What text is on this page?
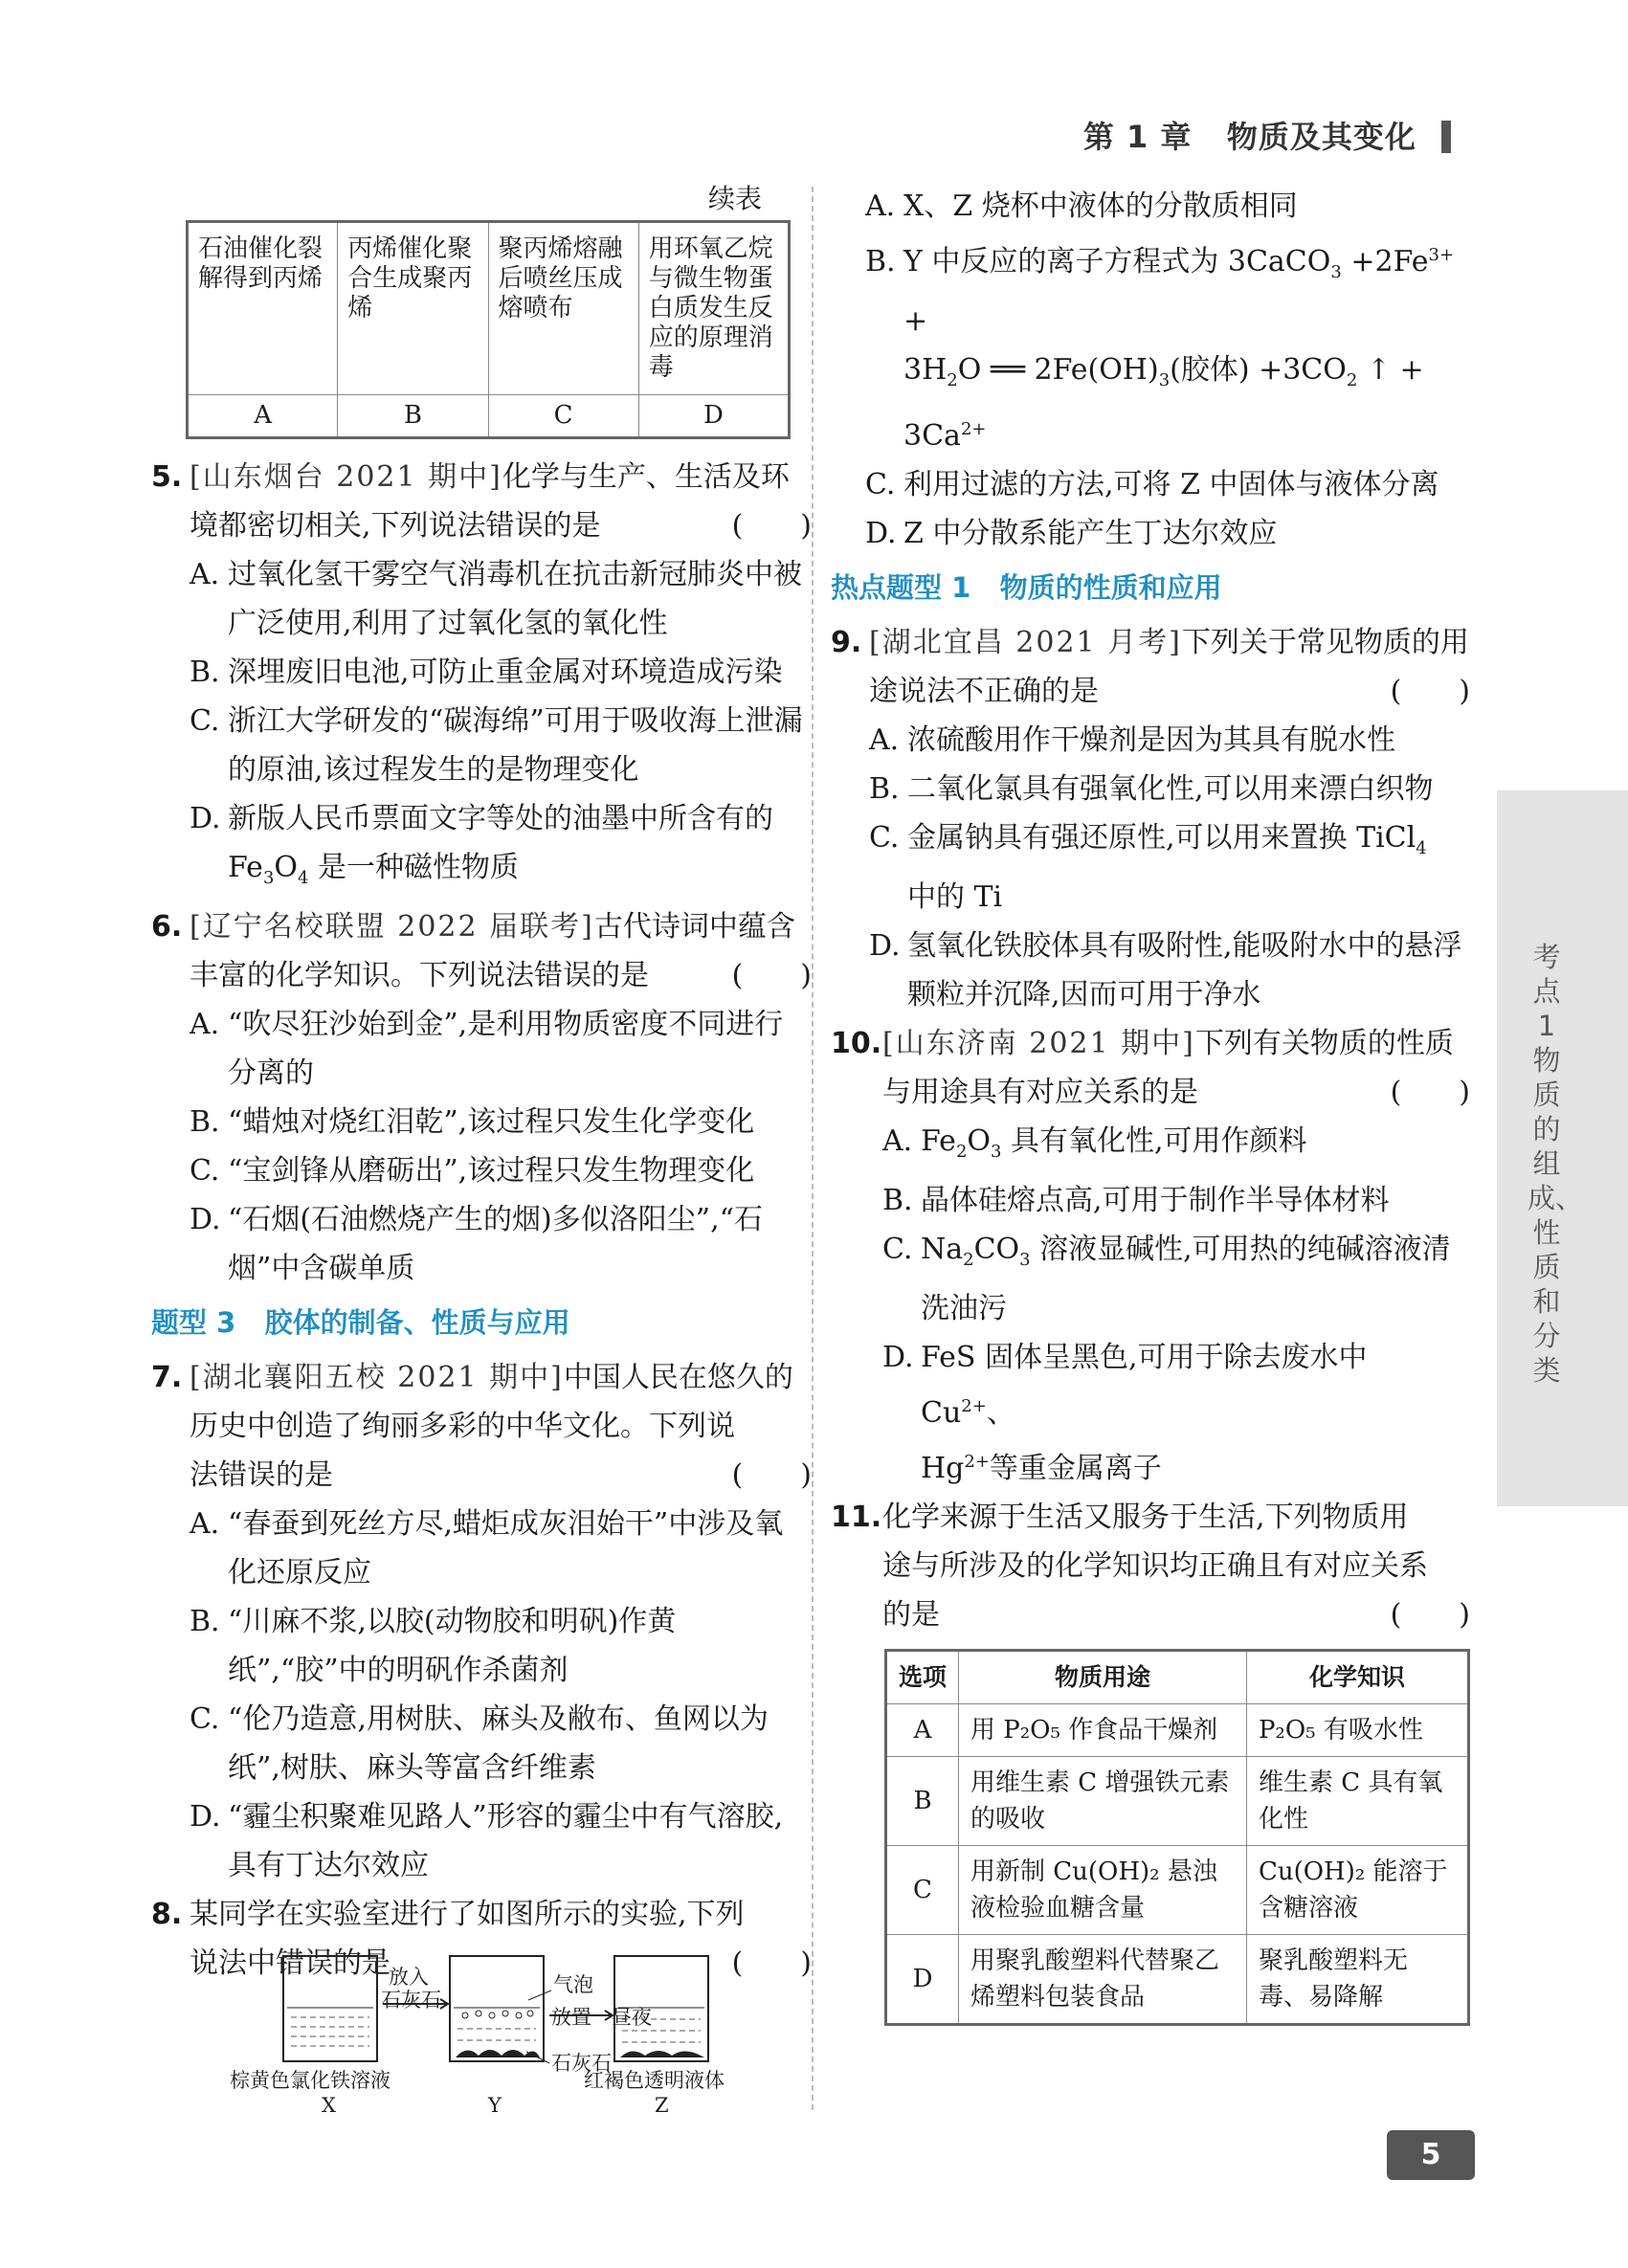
第 1 章 物质及其变化
续表
石油催化裂解得到丙烯	丙烯催化聚合生成聚丙烯	聚丙烯熔融后喷丝压成熔喷布	用环氧乙烷与微生物蛋白质发生反应的原理消毒
A	B	C	D
5. [山东烟台 2021 期中]化学与生产、生活及环
境都密切相关,下列说法错误的是	(　　)
A. 过氧化氢干雾空气消毒机在抗击新冠肺炎中被广泛使用,利用了过氧化氢的氧化性
B. 深埋废旧电池,可防止重金属对环境造成污染
C. 浙江大学研发的“碳海绵”可用于吸收海上泄漏的原油,该过程发生的是物理变化
D. 新版人民币票面文字等处的油墨中所含有的 $Fe_3O_4$ 是一种磁性物质
6. [辽宁名校联盟 2022 届联考]古代诗词中蕴含
丰富的化学知识。下列说法错误的是	(　　)
A. “吹尽狂沙始到金”,是利用物质密度不同进行分离的
B. “蜡烛对烧红泪乾”,该过程只发生化学变化
C. “宝剑锋从磨砺出”,该过程只发生物理变化
D. “石烟(石油燃烧产生的烟)多似洛阳尘”,“石烟”中含碳单质
题型 3 胶体的制备、性质与应用
7. [湖北襄阳五校 2021 期中]中国人民在悠久的
历史中创造了绚丽多彩的中华文化。下列说
法错误的是	(　　)
A. “春蚕到死丝方尽,蜡炬成灰泪始干”中涉及氧化还原反应
B. “川麻不浆,以胶(动物胶和明矾)作黄纸”,“胶”中的明矾作杀菌剂
C. “伦乃造意,用树肤、麻头及敝布、鱼网以为纸”,树肤、麻头等富含纤维素
D. “霾尘积聚难见路人”形容的霾尘中有气溶胶,具有丁达尔效应
8. 某同学在实验室进行了如图所示的实验,下列
说法中错误的是	(　　)
放入
石灰石
气泡
放置一昼夜
石灰石
棕黄色氯化铁溶液	红褐色透明液体
X	Y	Z
A. X、Z 烧杯中液体的分散质相同
B. Y 中反应的离子方程式为 3CaCO$_3$ $+2Fe^{3+}$ +
$3H_2O$ ══ $2Fe(OH)_3$(胶体) $+3CO_2$ ↑ +
$3Ca^{2+}$
C. 利用过滤的方法,可将 Z 中固体与液体分离
D. Z 中分散系能产生丁达尔效应
热点题型 1 物质的性质和应用
9. [湖北宜昌 2021 月考]下列关于常见物质的用
途说法不正确的是	(　　)
A. 浓硫酸用作干燥剂是因为其具有脱水性
B. 二氧化氯具有强氧化性,可以用来漂白织物
C. 金属钠具有强还原性,可以用来置换 TiCl$_4$
中的 Ti
D. 氢氧化铁胶体具有吸附性,能吸附水中的悬浮颗粒并沉降,因而可用于净水
10. [山东济南 2021 期中]下列有关物质的性质
与用途具有对应关系的是	(　　)
A. $Fe_2O_3$ 具有氧化性,可用作颜料
B. 晶体硅熔点高,可用于制作半导体材料
C. $Na_2CO_3$ 溶液显碱性,可用热的纯碱溶液清洗油污
D. FeS 固体呈黑色,可用于除去废水中 $Cu^{2+}$、
$Hg^{2+}$等重金属离子
11. 化学来源于生活又服务于生活,下列物质用
途与所涉及的化学知识均正确且有对应关系
的是	(　　)
选项	物质用途	化学知识
A	用 P₂O₅ 作食品干燥剂	P₂O₅ 有吸水性
B	用维生素 C 增强铁元素的吸收	维生素 C 具有氧化性
C	用新制 Cu(OH)₂ 悬浊液检验血糖含量	Cu(OH)₂ 能溶于含糖溶液
D	用聚乳酸塑料代替聚乙烯塑料包装食品	聚乳酸塑料无毒、易降解
考点1 物质的组成、性质和分类
5
